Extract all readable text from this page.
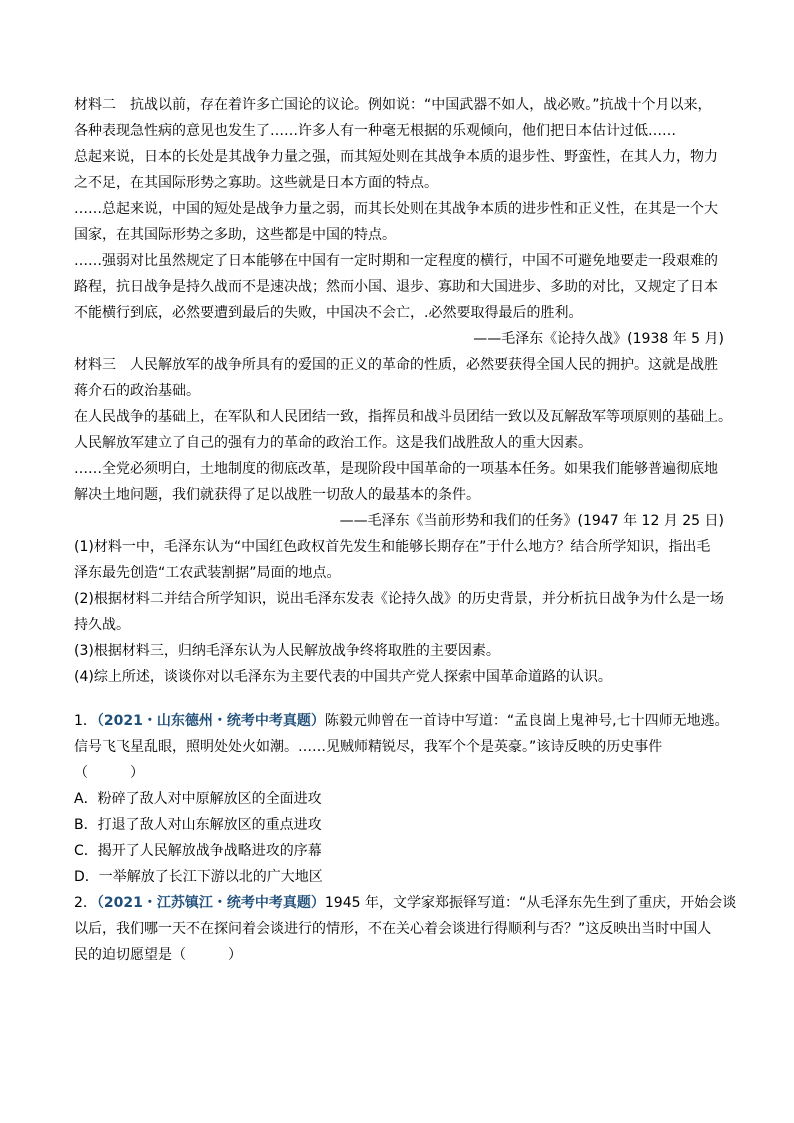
材料二　抗战以前，存在着许多亡国论的议论。例如说：“中国武器不如人，战必败。”抗战十个月以来，
各种表现急性病的意见也发生了……许多人有一种毫无根据的乐观倾向，他们把日本估计过低……
总起来说，日本的长处是其战争力量之强，而其短处则在其战争本质的退步性、野蛮性，在其人力，物力
之不足，在其国际形势之寡助。这些就是日本方面的特点。
……总起来说，中国的短处是战争力量之弱，而其长处则在其战争本质的进步性和正义性，在其是一个大
国家，在其国际形势之多助，这些都是中国的特点。
……强弱对比虽然规定了日本能够在中国有一定时期和一定程度的横行，中国不可避免地要走一段艰难的
路程，抗日战争是持久战而不是速决战；然而小国、退步、寡助和大国进步、多助的对比，又规定了日本
不能横行到底，必然要遭到最后的失败，中国决不会亡，.必然要取得最后的胜利。
——毛泽东《论持久战》(1938 年 5 月)
材料三　人民解放军的战争所具有的爱国的正义的革命的性质，必然要获得全国人民的拥护。这就是战胜
蒋介石的政治基础。
在人民战争的基础上，在军队和人民团结一致，指挥员和战斗员团结一致以及瓦解敌军等项原则的基础上。
人民解放军建立了自己的强有力的革命的政治工作。这是我们战胜敌人的重大因素。
……全党必须明白，土地制度的彻底改革，是现阶段中国革命的一项基本任务。如果我们能够普遍彻底地
解决土地问题，我们就获得了足以战胜一切敌人的最基本的条件。
——毛泽东《当前形势和我们的任务》(1947 年 12 月 25 日)
(1)材料一中，毛泽东认为“中国红色政权首先发生和能够长期存在”于什么地方？结合所学知识，指出毛
泽东最先创造“工农武装割据”局面的地点。
(2)根据材料二并结合所学知识，说出毛泽东发表《论持久战》的历史背景，并分析抗日战争为什么是一场
持久战。
(3)根据材料三，归纳毛泽东认为人民解放战争终将取胜的主要因素。
(4)综上所述，谈谈你对以毛泽东为主要代表的中国共产党人探索中国革命道路的认识。
1．（2021・山东德州・统考中考真题）陈毅元帅曾在一首诗中写道：“孟良崮上鬼神号,七十四师无地逃。
信号飞飞星乱眼，照明处处火如潮。……见贼师精锐尽，我军个个是英豪。”该诗反映的历史事件
（　　　）
A．粉碎了敌人对中原解放区的全面进攻
B．打退了敌人对山东解放区的重点进攻
C．揭开了人民解放战争战略进攻的序幕
D．一举解放了长江下游以北的广大地区
2．（2021・江苏镇江・统考中考真题）1945 年，文学家郑振铎写道：“从毛泽东先生到了重庆，开始会谈
以后，我们哪一天不在探问着会谈进行的情形，不在关心着会谈进行得顺利与否？”这反映出当时中国人
民的迫切愿望是（　　　）
